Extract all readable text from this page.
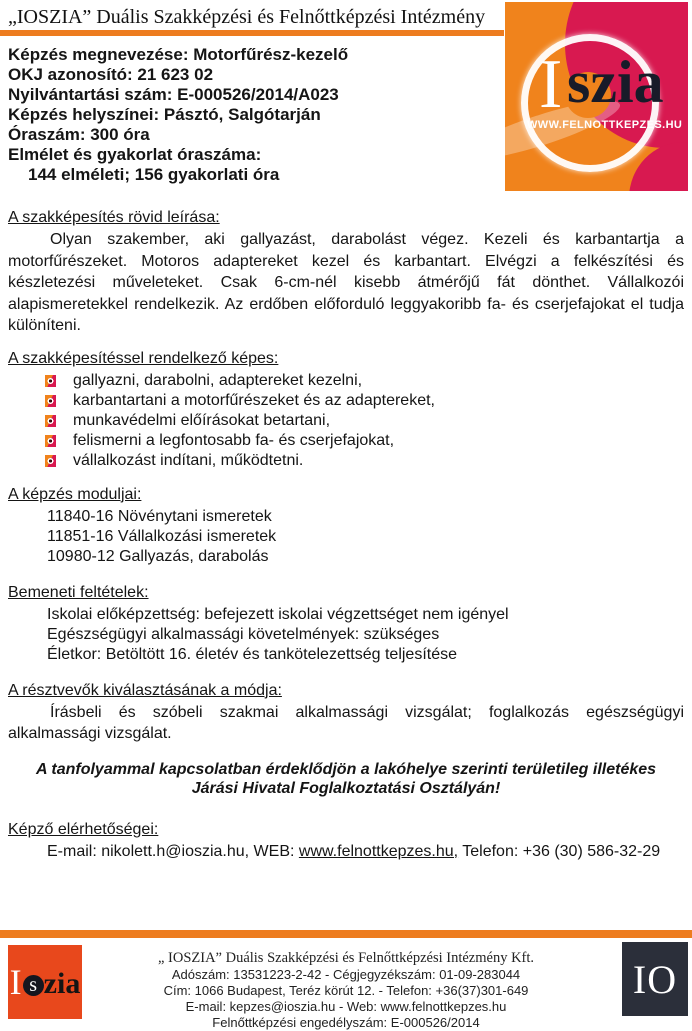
„IOSZIA” Duális Szakképzési és Felnőttképzési Intézmény
I szia
WWW.FELNOTTKEPZES.HU
Képzés megnevezése: Motorfűrész-kezelő
OKJ azonosító: 21 623 02
Nyilvántartási szám: E-000526/2014/A023
Képzés helyszínei: Pásztó, Salgótarján
Óraszám: 300 óra
Elmélet és gyakorlat óraszáma:
144 elméleti; 156 gyakorlati óra
A szakképesítés rövid leírása:
Olyan szakember, aki gallyazást, darabolást végez. Kezeli és karbantartja a motorfűrészeket. Motoros adaptereket kezel és karbantart. Elvégzi a felkészítési és készletezési műveleteket. Csak 6-cm-nél kisebb átmérőjű fát dönthet. Vállalkozói alapismeretekkel rendelkezik. Az erdőben előforduló leggyakoribb fa- és cserjefajokat el tudja különíteni.
A szakképesítéssel rendelkező képes:
gallyazni, darabolni, adaptereket kezelni,
karbantartani a motorfűrészeket és az adaptereket,
munkavédelmi előírásokat betartani,
felismerni a legfontosabb fa- és cserjefajokat,
vállalkozást indítani, működtetni.
A képzés moduljai:
11840-16 Növénytani ismeretek
11851-16 Vállalkozási ismeretek
10980-12 Gallyazás, darabolás
Bemeneti feltételek:
Iskolai előképzettség: befejezett iskolai végzettséget nem igényel
Egészségügyi alkalmassági követelmények: szükséges
Életkor: Betöltött 16. életév és tankötelezettség teljesítése
A résztvevők kiválasztásának a módja:
Írásbeli és szóbeli szakmai alkalmassági vizsgálat; foglalkozás egészségügyi alkalmassági vizsgálat.
A tanfolyammal kapcsolatban érdeklődjön a lakóhelye szerinti területileg illetékes Járási Hivatal Foglalkoztatási Osztályán!
Képző elérhetőségei:
E-mail: nikolett.h@ioszia.hu, WEB: www.felnottkepzes.hu, Telefon: +36 (30) 586-32-29
I s zia
„ IOSZIA” Duális Szakképzési és Felnőttképzési Intézmény Kft.
Adószám: 13531223-2-42 - Cégjegyzékszám: 01-09-283044
Cím: 1066 Budapest, Teréz körút 12. - Telefon: +36(37)301-649
E-mail: kepzes@ioszia.hu - Web: www.felnottkepzes.hu
Felnőttképzési engedélyszám: E-000526/2014
IO
